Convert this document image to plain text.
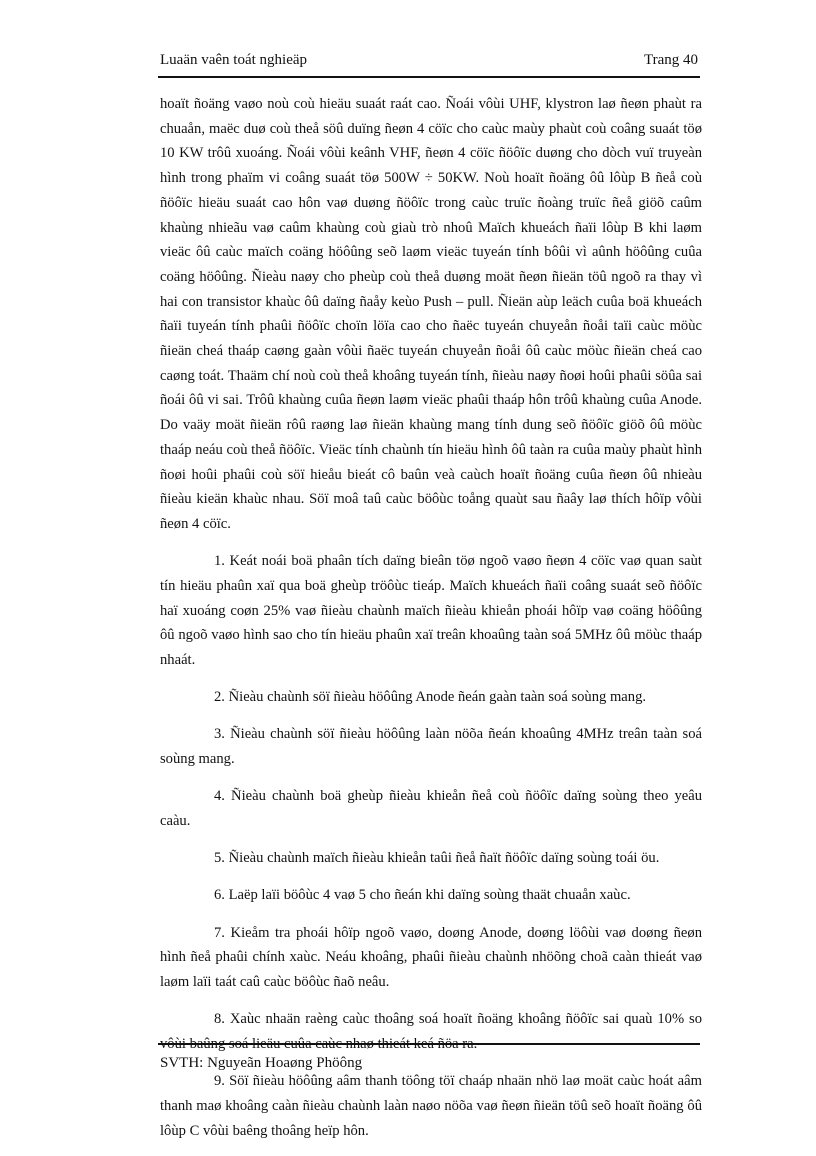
Luaän vaên toát nghieäp	Trang 40

hoaït ñoäng vaøo noù coù hieäu suaát raát cao. Ñoái vôùi UHF, klystron laø ñeøn phaùt ra chuaån, maëc duø coù theå söû duïng ñeøn 4 cöïc cho caùc maùy phaùt coù coâng suaát töø 10 KW trôû xuoáng. Ñoái vôùi keânh VHF, ñeøn 4 cöïc ñöôïc duøng cho dòch vuï truyeàn hình trong phaïm vi coâng suaát töø 500W ÷ 50KW. Noù hoaït ñoäng ôû lôùp B ñeå coù ñöôïc hieäu suaát cao hôn vaø duøng ñöôïc trong caùc truïc ñoàng truïc ñeå giöõ caûm khaùng nhieãu vaø caûm khaùng coù giaù trò nhoû Maïch khueách ñaïi lôùp B khi laøm vieäc ôû caùc maïch coäng höôûng seõ laøm vieäc tuyeán tính bôûi vì aûnh höôûng cuûa coäng höôûng. Ñieàu naøy cho pheùp coù theå duøng moät ñeøn ñieän töû ngoõ ra thay vì hai con transistor khaùc ôû daïng ñaåy keùo Push – pull. Ñieän aùp leäch cuûa boä khueách ñaïi tuyeán tính phaûi ñöôïc choïn löïa cao cho ñaëc tuyeán chuyeån ñoåi taïi caùc möùc ñieän cheá thaáp caøng gaàn vôùi ñaëc tuyeán chuyeån ñoåi ôû caùc möùc ñieän cheá cao caøng toát. Thaäm chí noù coù theå khoâng tuyeán tính, ñieàu naøy ñoøi hoûi phaûi söûa sai ñoái ôû vi sai. Trôû khaùng cuûa ñeøn laøm vieäc phaûi thaáp hôn trôû khaùng cuûa Anode. Do vaäy moät ñieän rôû raøng laø ñieän khaùng mang tính dung seõ ñöôïc giöõ ôû möùc thaáp neáu coù theå ñöôïc. Vieäc tính chaùnh tín hieäu hình ôû taàn ra cuûa maùy phaùt hình ñoøi hoûi phaûi coù söï hieåu bieát cô baûn veà caùch hoaït ñoäng cuûa ñeøn ôû nhieàu ñieàu kieän khaùc nhau. Söï moâ taû caùc böôùc toång quaùt sau ñaây laø thích hôïp vôùi ñeøn 4 cöïc.

1. Keát noái boä phaân tích daïng bieân töø ngoõ vaøo ñeøn 4 cöïc vaø quan saùt tín hieäu phaûn xaï qua boä gheùp tröôùc tieáp. Maïch khueách ñaïi coâng suaát seõ ñöôïc haï xuoáng coøn 25% vaø ñieàu chaùnh maïch ñieàu khieån phoái hôïp vaø coäng höôûng ôû ngoõ vaøo hình sao cho tín hieäu phaûn xaï treân khoaûng taàn soá 5MHz ôû möùc thaáp nhaát.

2. Ñieàu chaùnh söï ñieàu höôûng Anode ñeán gaàn taàn soá soùng mang.

3. Ñieàu chaùnh söï ñieàu höôûng laàn nöõa ñeán khoaûng 4MHz treân taàn soá soùng mang.

4. Ñieàu chaùnh boä gheùp ñieàu khieån ñeå coù ñöôïc daïng soùng theo yeâu caàu.

5. Ñieàu chaùnh maïch ñieàu khieån taûi ñeå ñaït ñöôïc daïng soùng toái öu.

6. Laëp laïi böôùc 4 vaø 5 cho ñeán khi daïng soùng thaät chuaån xaùc.

7. Kieåm tra phoái hôïp ngoõ vaøo, doøng Anode, doøng löôùi vaø doøng ñeøn hình ñeå phaûi chính xaùc. Neáu khoâng, phaûi ñieàu chaùnh nhöõng choã caàn thieát vaø laøm laïi taát caû caùc böôùc ñaõ neâu.

8. Xaùc nhaän raèng caùc thoâng soá hoaït ñoäng khoâng ñöôïc sai quaù 10% so vôùi baûng soá lieäu cuûa caùc nhaø thieát keá ñöa ra.

9. Söï ñieàu höôûng aâm thanh töông töï chaáp nhaän nhö laø moät caùc hoát aâm thanh maø khoâng caàn ñieàu chaùnh laàn naøo nöõa vaø ñeøn ñieän töû seõ hoaït ñoäng ôû lôùp C vôùi baêng thoâng heïp hôn.

SVTH: Nguyeãn Hoaøng Phöông
